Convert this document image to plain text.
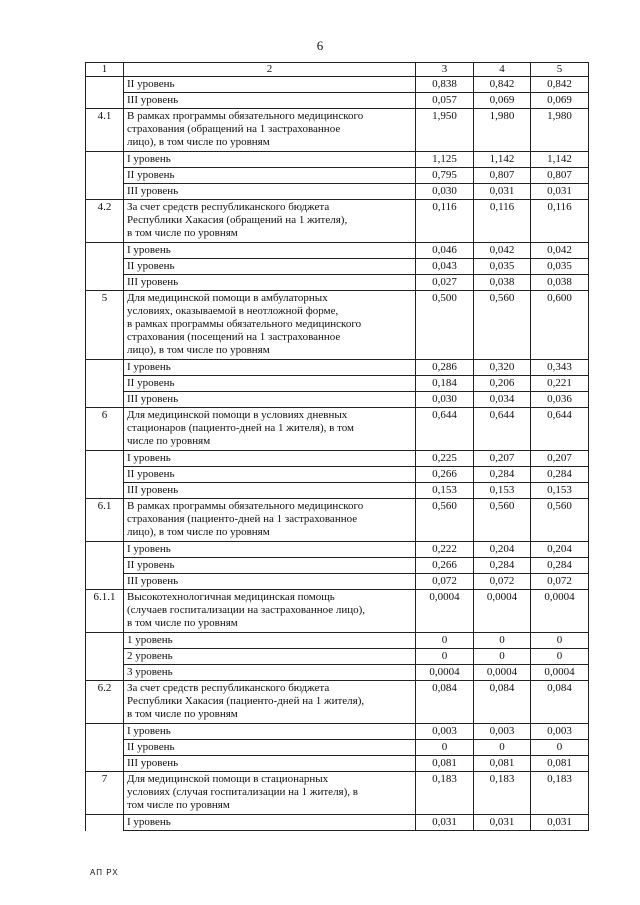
6
1	2	3	4	5
	II уровень	0,838	0,842	0,842
	III уровень	0,057	0,069	0,069
4.1	В рамках программы обязательного медицинского
страхования (обращений на 1 застрахованное
лицо), в том числе по уровням	1,950	1,980	1,980
	I уровень	1,125	1,142	1,142
	II уровень	0,795	0,807	0,807
	III уровень	0,030	0,031	0,031
4.2	За счет средств республиканского бюджета
Республики Хакасия (обращений на 1 жителя),
в том числе по уровням	0,116	0,116	0,116
	I уровень	0,046	0,042	0,042
	II уровень	0,043	0,035	0,035
	III уровень	0,027	0,038	0,038
5	Для медицинской помощи в амбулаторных
условиях, оказываемой в неотложной форме,
в рамках программы обязательного медицинского
страхования (посещений на 1 застрахованное
лицо), в том числе по уровням	0,500	0,560	0,600
	I уровень	0,286	0,320	0,343
	II уровень	0,184	0,206	0,221
	III уровень	0,030	0,034	0,036
6	Для медицинской помощи в условиях дневных
стационаров (пациенто-дней на 1 жителя), в том
числе по уровням	0,644	0,644	0,644
	I уровень	0,225	0,207	0,207
	II уровень	0,266	0,284	0,284
	III уровень	0,153	0,153	0,153
6.1	В рамках программы обязательного медицинского
страхования (пациенто-дней на 1 застрахованное
лицо), в том числе по уровням	0,560	0,560	0,560
	I уровень	0,222	0,204	0,204
	II уровень	0,266	0,284	0,284
	III уровень	0,072	0,072	0,072
6.1.1	Высокотехнологичная медицинская помощь
(случаев госпитализации на застрахованное лицо),
в том числе по уровням	0,0004	0,0004	0,0004
	1 уровень	0	0	0
	2 уровень	0	0	0
	3 уровень	0,0004	0,0004	0,0004
6.2	За счет средств республиканского бюджета
Республики Хакасия (пациенто-дней на 1 жителя),
в том числе по уровням	0,084	0,084	0,084
	I уровень	0,003	0,003	0,003
	II уровень	0	0	0
	III уровень	0,081	0,081	0,081
7	Для медицинской помощи в стационарных
условиях (случая госпитализации на 1 жителя), в
том числе по уровням	0,183	0,183	0,183
	I уровень	0,031	0,031	0,031
АП РХ
